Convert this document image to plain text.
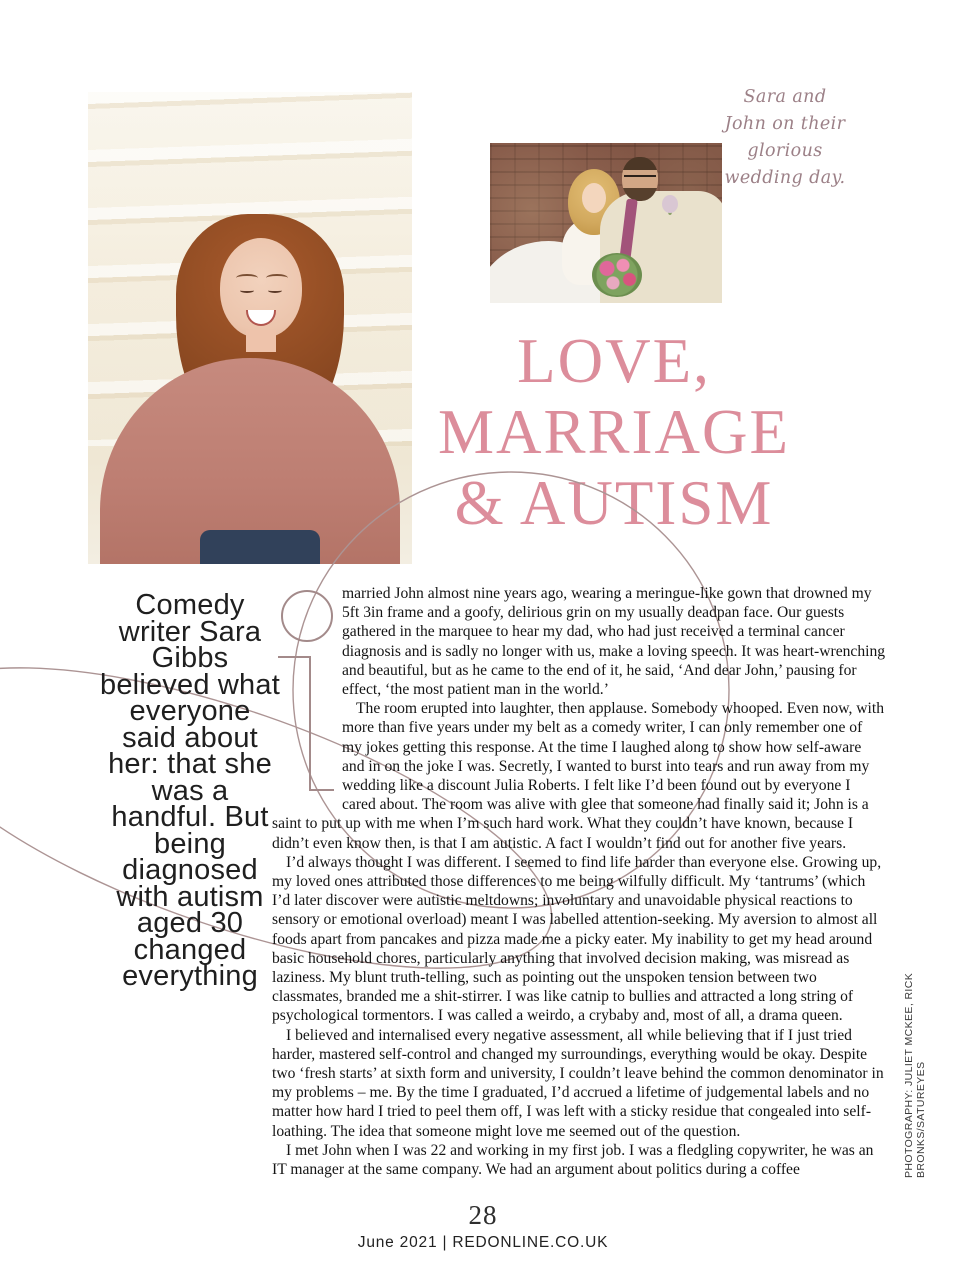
Sara and
John on their
glorious
wedding day.
LOVE,
MARRIAGE
& AUTISM
Comedy
writer Sara
Gibbs
believed what
everyone
said about
her: that she
was a
handful. But
being
diagnosed
with autism
aged 30
changed
everything

married John almost nine years ago, wearing a meringue-like gown that drowned my 5ft 3in frame and a goofy, delirious grin on my usually deadpan face. Our guests gathered in the marquee to hear my dad, who had just received a terminal cancer diagnosis and is sadly no longer with us, make a loving speech. It was heart-wrenching and beautiful, but as he came to the end of it, he said, ‘And dear John,’ pausing for effect, ‘the most patient man in the world.’

The room erupted into laughter, then applause. Somebody whooped. Even now, with more than five years under my belt as a comedy writer, I can only remember one of my jokes getting this response. At the time I laughed along to show how self-aware and in on the joke I was. Secretly, I wanted to burst into tears and run away from my wedding like a discount Julia Roberts. I felt like I’d been found out by everyone I cared about. The room was alive with glee that someone had finally said it; John is a saint to put up with me when I’m such hard work. What they couldn’t have known, because I didn’t even know then, is that I am autistic. A fact I wouldn’t find out for another five years.

I’d always thought I was different. I seemed to find life harder than everyone else. Growing up, my loved ones attributed those differences to me being wilfully difficult. My ‘tantrums’ (which I’d later discover were autistic meltdowns; involuntary and unavoidable physical reactions to sensory or emotional overload) meant I was labelled attention-seeking. My aversion to almost all foods apart from pancakes and pizza made me a picky eater. My inability to get my head around basic household chores, particularly anything that involved decision making, was misread as laziness. My blunt truth-telling, such as pointing out the unspoken tension between two classmates, branded me a shit-stirrer. I was like catnip to bullies and attracted a long string of psychological tormentors. I was called a weirdo, a crybaby and, most of all, a drama queen.

I believed and internalised every negative assessment, all while believing that if I just tried harder, mastered self-control and changed my surroundings, everything would be okay. Despite two ‘fresh starts’ at sixth form and university, I couldn’t leave behind the common denominator in my problems – me. By the time I graduated, I’d accrued a lifetime of judgemental labels and no matter how hard I tried to peel them off, I was left with a sticky residue that congealed into self-loathing. The idea that someone might love me seemed out of the question.

I met John when I was 22 and working in my first job. I was a fledgling copywriter, he was an IT manager at the same company. We had an argument about politics during a coffee	PHOTOGRAPHY: JULIET MCKEE, RICK BRONKS/SATUREYES
28
June 2021 | REDONLINE.CO.UK
